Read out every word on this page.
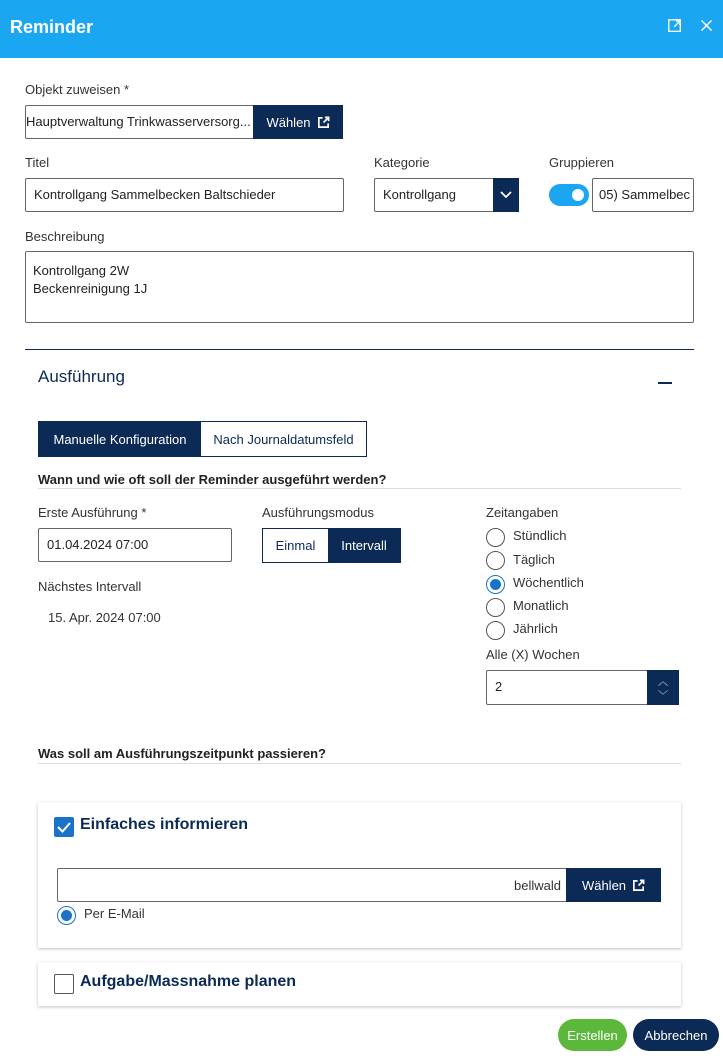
Reminder
Objekt zuweisen *
Hauptverwaltung Trinkwasserversorg... Wählen
Titel
Kontrollgang Sammelbecken Baltschieder
Kategorie
Kontrollgang
Gruppieren
05) Sammelbec
Beschreibung
Kontrollgang 2W
Beckenreinigung 1J
Ausführung
Manuelle Konfiguration	Nach Journaldatumsfeld
Wann und wie oft soll der Reminder ausgeführt werden?
Erste Ausführung *
01.04.2024 07:00
Nächstes Intervall
15. Apr. 2024 07:00
Ausführungsmodus
Einmal	Intervall
Zeitangaben
Stündlich
Täglich
Wöchentlich
Monatlich
Jährlich
Alle (X) Wochen
2	︿
﹀
Was soll am Ausführungszeitpunkt passieren?
Einfaches informieren
bellwald Wählen
Per E-Mail
Aufgabe/Massnahme planen
Erstellen	Abbrechen
